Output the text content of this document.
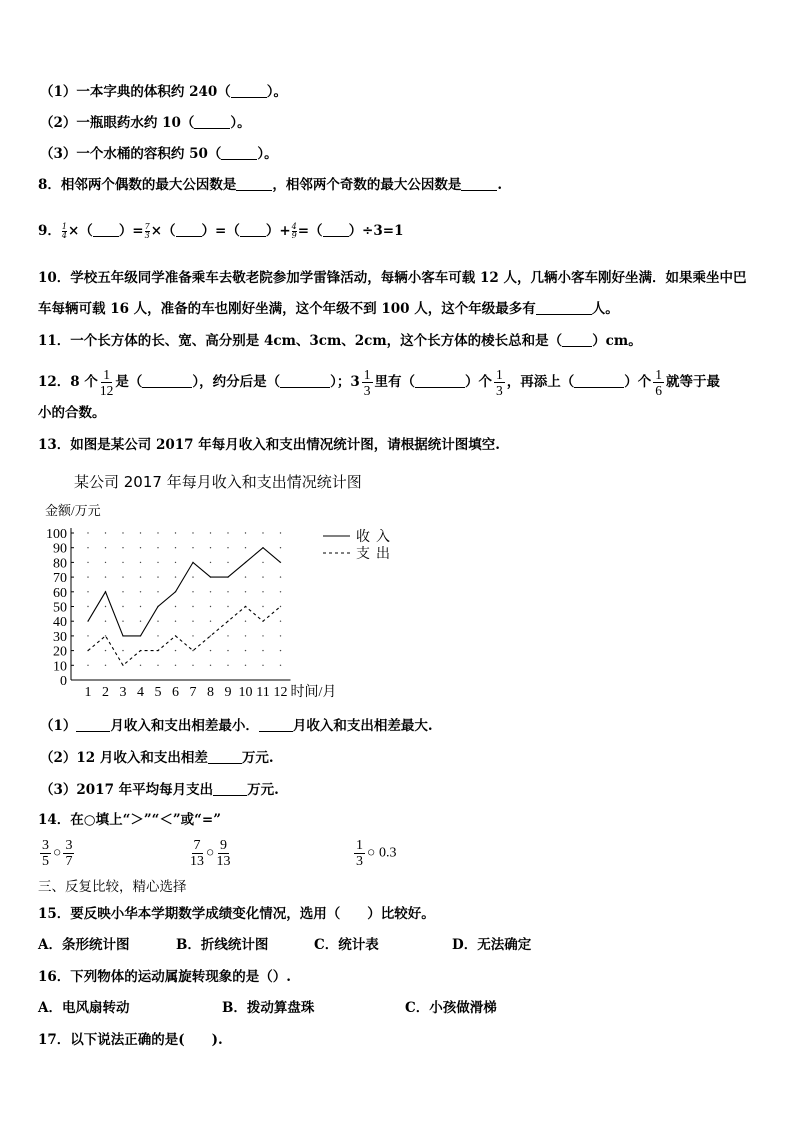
（1）一本字典的体积约 240（	）。
（2）一瓶眼药水约 10（	）。
（3）一个水桶的容积约 50（	）。
8．相邻两个偶数的最大公因数是	，相邻两个奇数的最大公因数是	.
9． $\frac{1}{4}$ ×（ ）= $\frac{7}{3}$ ×（ ）=（ ）+ $\frac{4}{9}$ =（ ）÷3=1
10．学校五年级同学准备乘车去敬老院参加学雷锋活动，每辆小客车可载 12 人，几辆小客车刚好坐满．如果乘坐中巴
车每辆可载 16 人，准备的车也刚好坐满，这个年级不到 100 人，这个年级最多有	人。
11．一个长方体的长、宽、高分别是 4cm、3cm、2cm，这个长方体的棱长总和是（ ）cm。
12．8 个 $\frac{1}{12}$ 是（	），约分后是（	）；$3 \frac{1}{3}$ 里有（	）个 $\frac{1}{3}$ ，再添上（	）个 $\frac{1}{6}$ 就等于最
小的合数。
13．如图是某公司 2017 年每月收入和支出情况统计图，请根据统计图填空.
某公司 2017 年每月收入和支出情况统计图
金额/万元
0
10
20
30
40
50
60
70
80
90
100
1 2 3 4 5 6 7 8 9 10 11 12 时间/月
收入
支出
（1）	月收入和支出相差最小．	月收入和支出相差最大.
（2）12 月收入和支出相差	万元.
（3）2017 年平均每月支出	万元.
14．在○填上“＞”“＜”或“=”
$\frac{3}{5}$ ○ $\frac{3}{7}$	$\frac{7}{13}$ ○ $\frac{9}{13}$	$\frac{1}{3}$ ○ 0.3
三、反复比较，精心选择
15．要反映小华本学期数学成绩变化情况，选用（　　）比较好。
A．条形统计图	B．折线统计图	C．统计表	D．无法确定
16．下列物体的运动属旋转现象的是（）.
A．电风扇转动	B．拨动算盘珠	C．小孩做滑梯
17．以下说法正确的是(　　).
